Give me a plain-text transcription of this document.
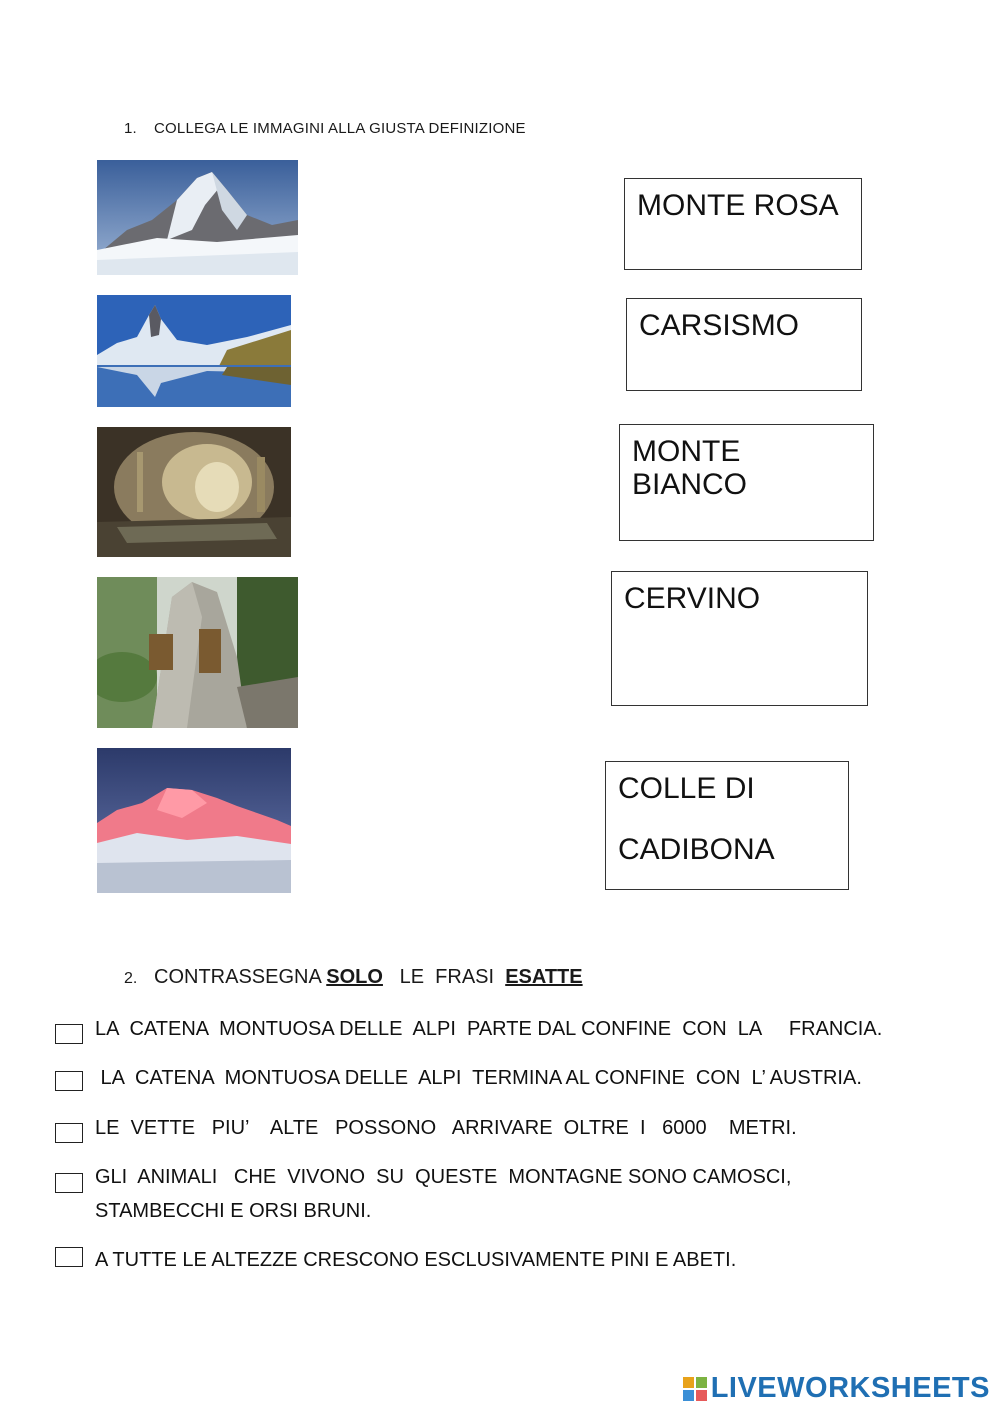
1. COLLEGA LE IMMAGINI ALLA GIUSTA DEFINIZIONE
MONTE ROSA
CARSISMO
MONTE BIANCO
CERVINO
COLLE DI
CADIBONA
2. CONTRASSEGNA SOLO   LE  FRASI  ESATTE
LA  CATENA  MONTUOSA DELLE  ALPI  PARTE DAL CONFINE  CON  LA     FRANCIA.
LA  CATENA  MONTUOSA DELLE  ALPI  TERMINA AL CONFINE  CON  L’ AUSTRIA.
LE  VETTE   PIU’    ALTE   POSSONO   ARRIVARE  OLTRE  I   6000    METRI.
GLI  ANIMALI   CHE  VIVONO  SU  QUESTE  MONTAGNE SONO CAMOSCI,
STAMBECCHI E ORSI BRUNI.
A TUTTE LE ALTEZZE CRESCONO ESCLUSIVAMENTE PINI E ABETI.
LIVEWORKSHEETS
